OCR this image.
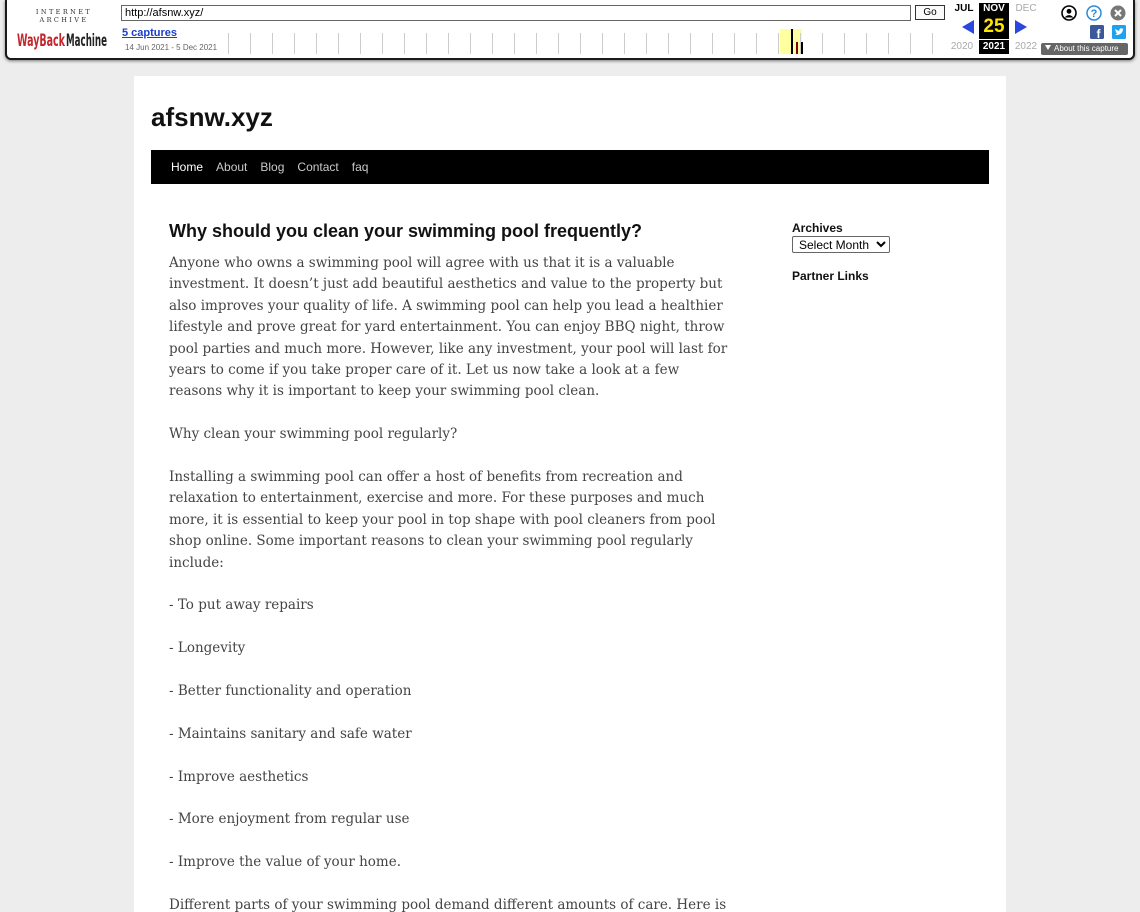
INTERNET ARCHIVE
WayBack Machine
http://afsnw.xyz/
Go
5 captures
14 Jun 2021 - 5 Dec 2021
JUL NOV	DEC
25
2020 2021 2022
?
f
About this capture
afsnw.xyz
Home About Blog Contact faq
Why should you clean your swimming pool frequently?

Anyone who owns a swimming pool will agree with us that it is a valuable investment. It doesn’t just add beautiful aesthetics and value to the property but also improves your quality of life. A swimming pool can help you lead a healthier lifestyle and prove great for yard entertainment. You can enjoy BBQ night, throw pool parties and much more. However, like any investment, your pool will last for years to come if you take proper care of it. Let us now take a look at a few reasons why it is important to keep your swimming pool clean.

Why clean your swimming pool regularly?

Installing a swimming pool can offer a host of benefits from recreation and relaxation to entertainment, exercise and more. For these purposes and much more, it is essential to keep your pool in top shape with pool cleaners from pool shop online. Some important reasons to clean your swimming pool regularly include:

- To put away repairs

- Longevity

- Better functionality and operation

- Maintains sanitary and safe water

- Improve aesthetics

- More enjoyment from regular use

- Improve the value of your home.

Different parts of your swimming pool demand different amounts of care. Here is

Archives
Select Month
Partner Links
